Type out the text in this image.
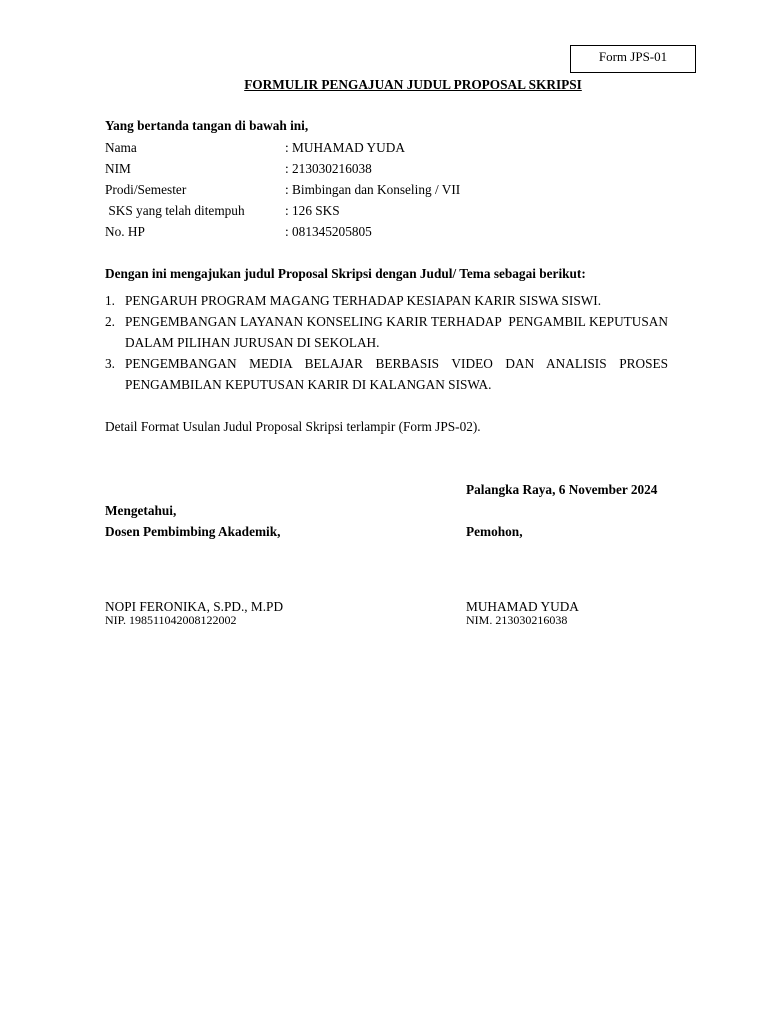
Form JPS-01
FORMULIR PENGAJUAN JUDUL PROPOSAL SKRIPSI
Yang bertanda tangan di bawah ini,
Nama	: MUHAMAD YUDA
NIM	: 213030216038
Prodi/Semester	: Bimbingan dan Konseling / VII
SKS yang telah ditempuh	: 126 SKS
No. HP	: 081345205805
Dengan ini mengajukan judul Proposal Skripsi dengan Judul/ Tema sebagai berikut:
1. PENGARUH PROGRAM MAGANG TERHADAP KESIAPAN KARIR SISWA SISWI.
2. PENGEMBANGAN LAYANAN KONSELING KARIR TERHADAP  PENGAMBIL KEPUTUSAN DALAM PILIHAN JURUSAN DI SEKOLAH.
3. PENGEMBANGAN MEDIA BELAJAR BERBASIS VIDEO DAN ANALISIS PROSES PENGAMBILAN KEPUTUSAN KARIR DI KALANGAN SISWA.
Detail Format Usulan Judul Proposal Skripsi terlampir (Form JPS-02).
Palangka Raya, 6 November 2024
Mengetahui,
Dosen Pembimbing Akademik,	Pemohon,
NOPI FERONIKA, S.PD., M.PD
NIP. 198511042008122002
MUHAMAD YUDA
NIM. 213030216038
